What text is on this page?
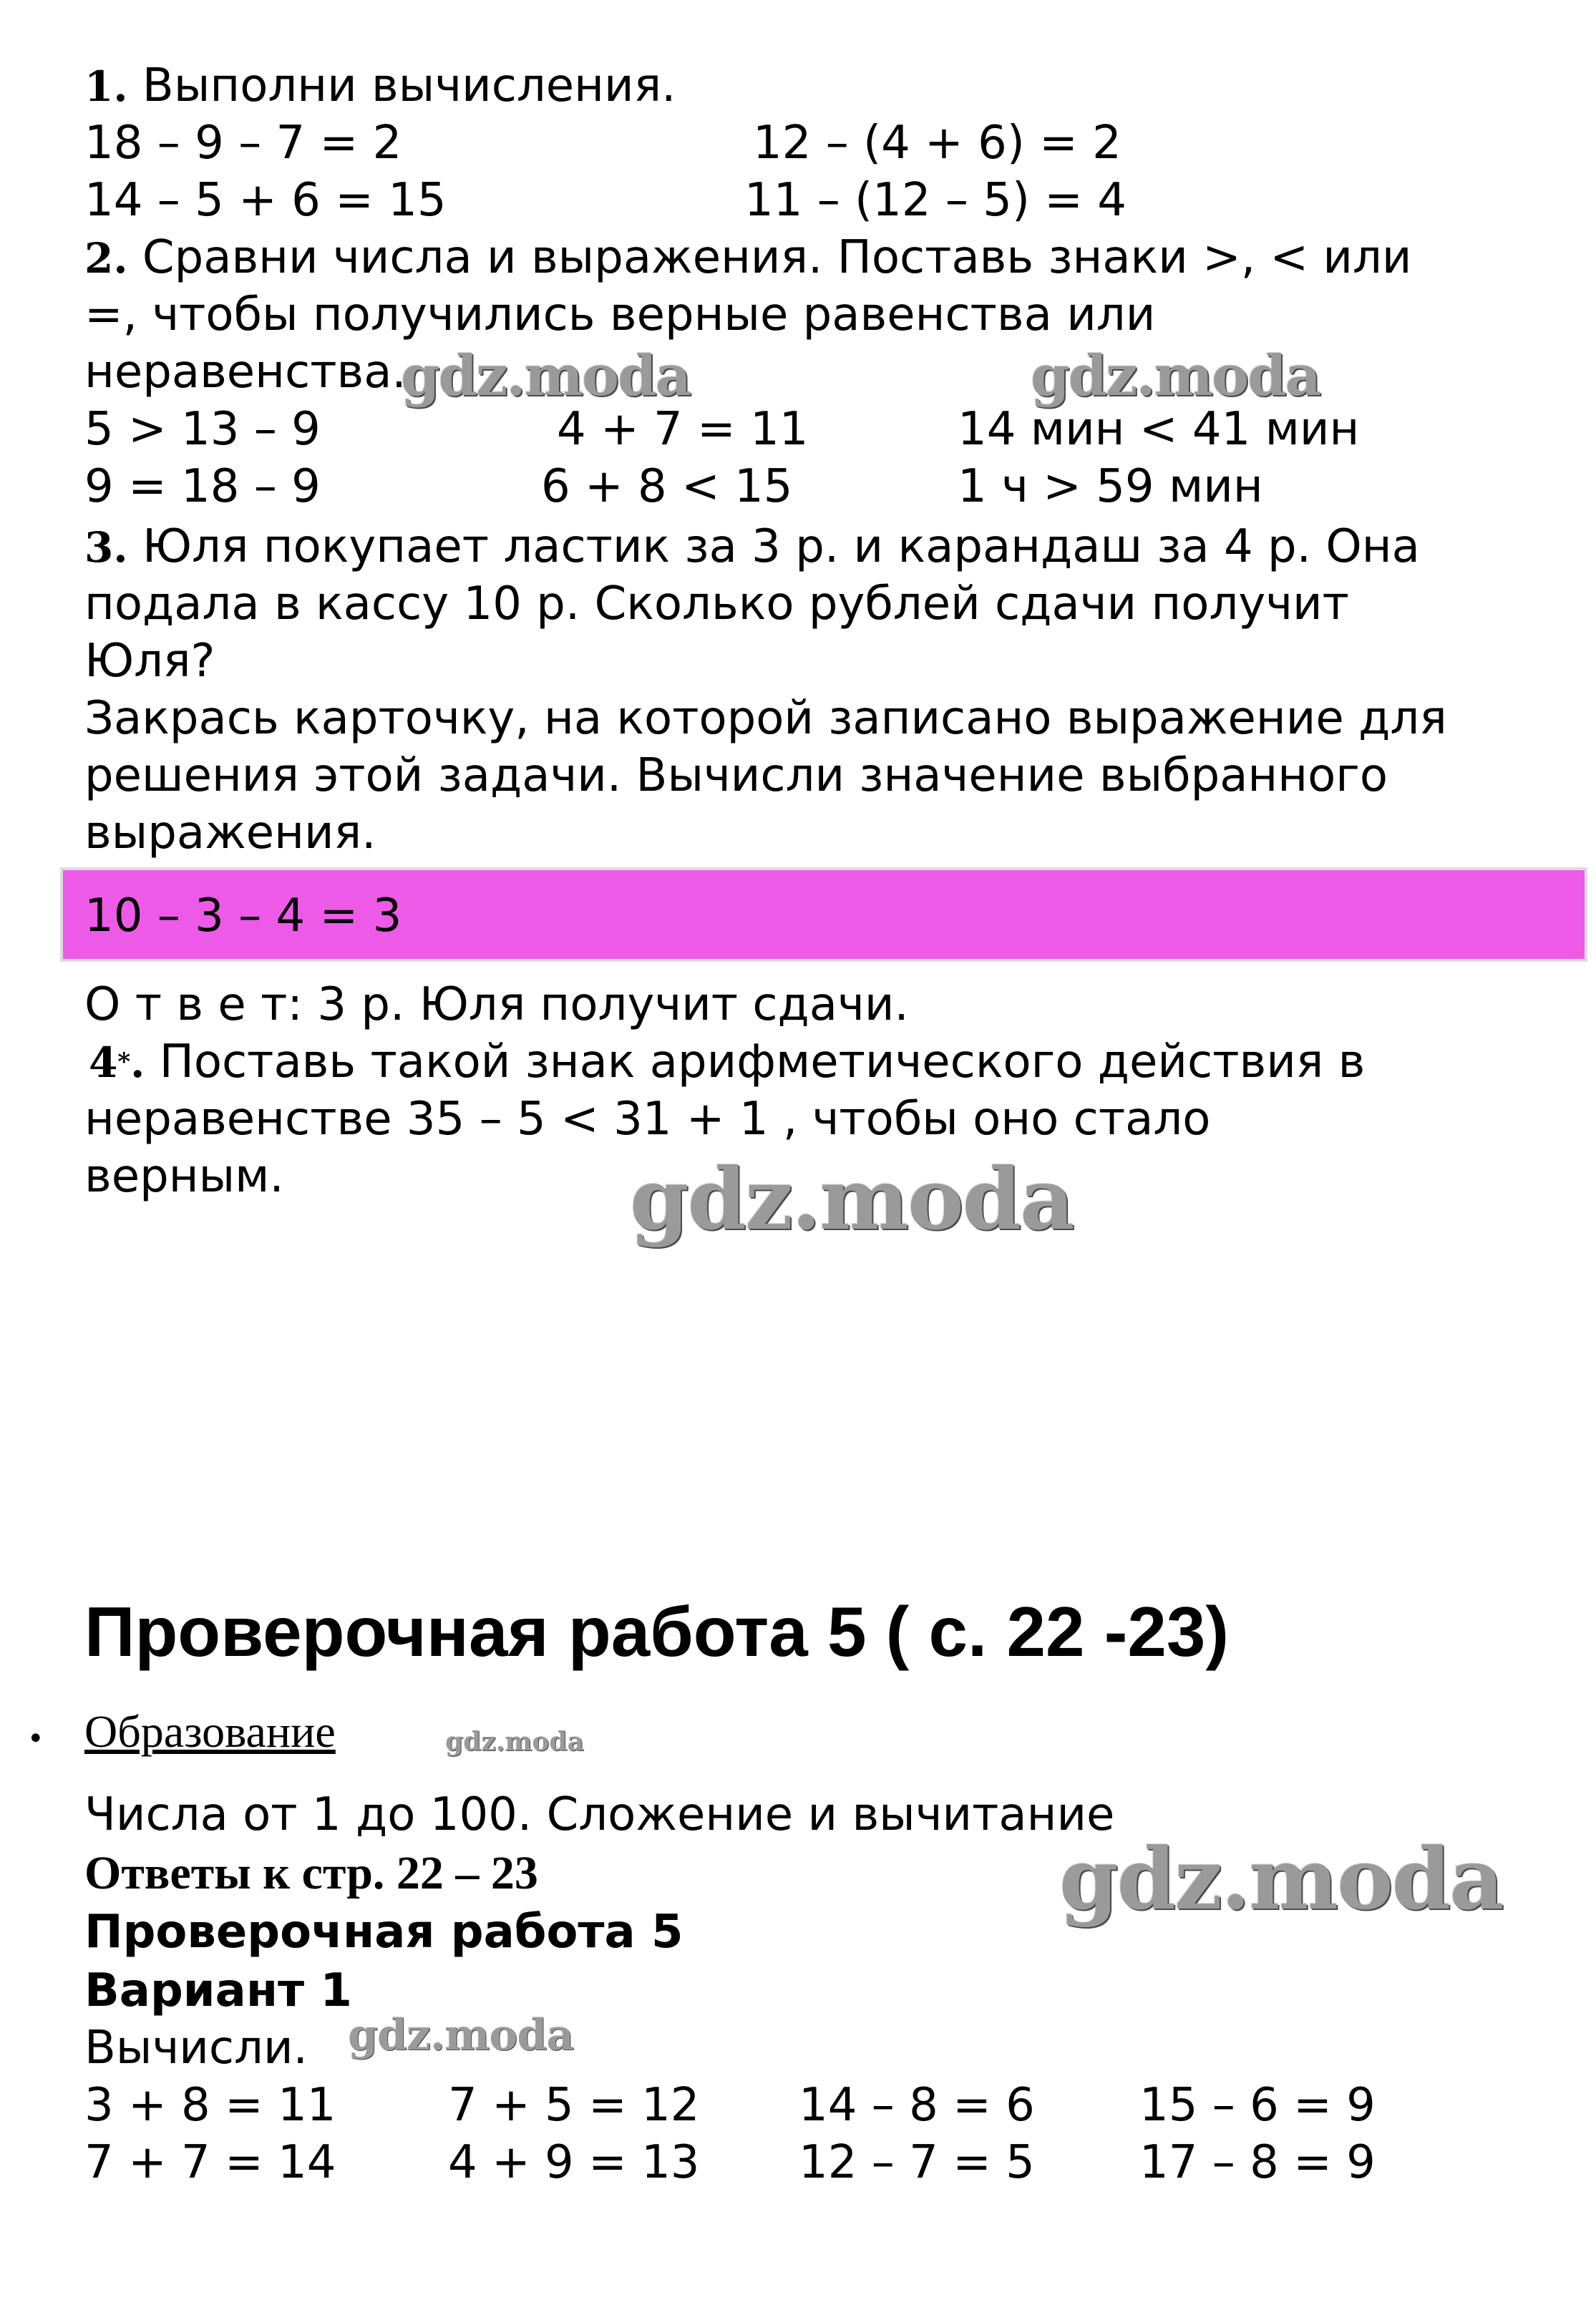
1. Выполни вычисления.
18 – 9 – 7 = 2	12 – (4 + 6) = 2
14 – 5 + 6 = 15	11 – (12 – 5) = 4
2. Сравни числа и выражения. Поставь знаки >, < или
=, чтобы получились верные равенства или
неравенства.
gdz.moda	gdz.moda
5 > 13 – 9	4 + 7 = 11	14 мин < 41 мин
9 = 18 – 9	6 + 8 < 15	1 ч > 59 мин
3. Юля покупает ластик за 3 р. и карандаш за 4 р. Она
подала в кассу 10 р. Сколько рублей сдачи получит
Юля?
Закрась карточку, на которой записано выражение для
решения этой задачи. Вычисли значение выбранного
выражения.
10 – 3 – 4 = 3
О т в е т: 3 р. Юля получит сдачи.
4*. Поставь такой знак арифметического действия в
неравенстве 35 – 5 < 31 + 1 , чтобы оно стало
верным.	gdz.moda
Проверочная работа 5 ( с. 22 -23)
• Образование	gdz.moda
Числа от 1 до 100. Сложение и вычитание
Ответы к стр. 22 – 23	gdz.moda
Проверочная работа 5
Вариант 1
Вычисли. gdz.moda
3 + 8 = 11 7 + 5 = 12 14 – 8 = 6 15 – 6 = 9
7 + 7 = 14 4 + 9 = 13 12 – 7 = 5 17 – 8 = 9
